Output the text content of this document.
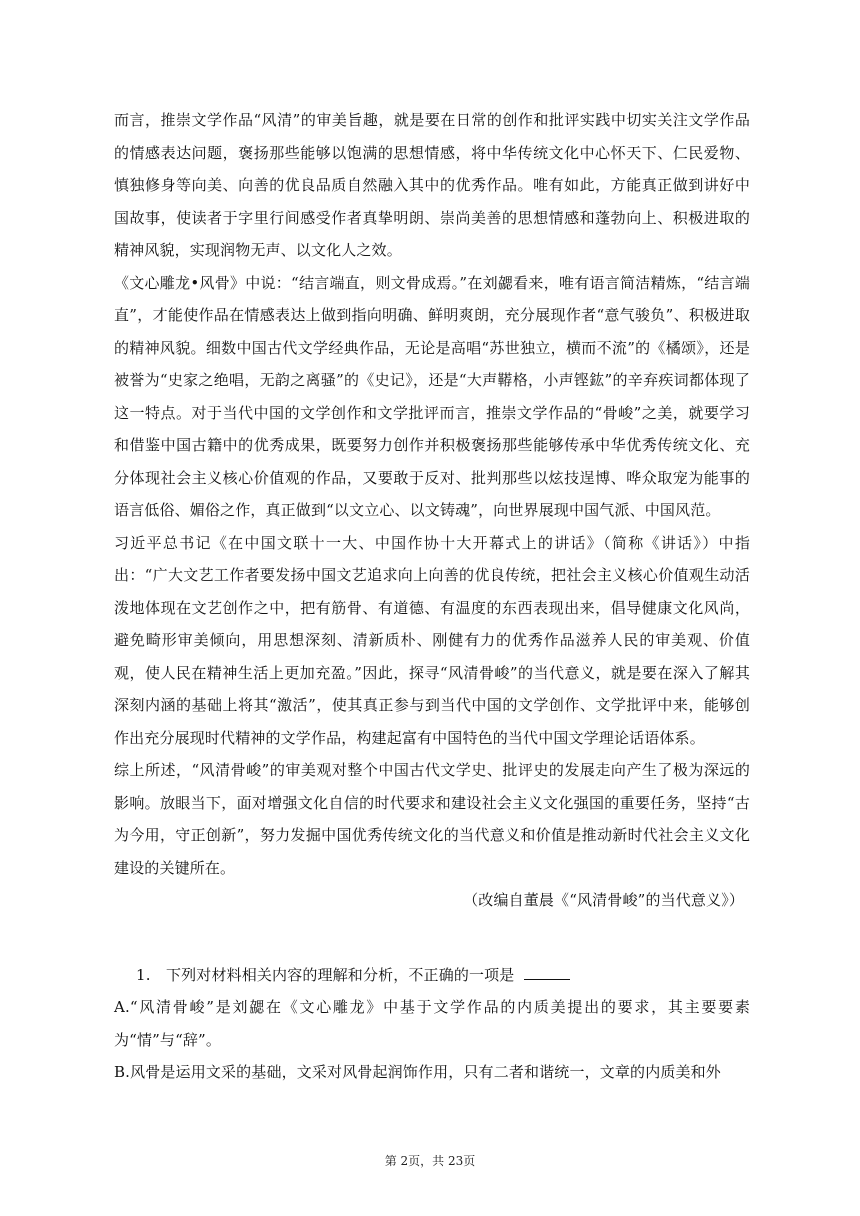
而言，推崇文学作品“风清”的审美旨趣，就是要在日常的创作和批评实践中切实关注文学作品的情感表达问题，褒扬那些能够以饱满的思想情感，将中华传统文化中心怀天下、仁民爱物、慎独修身等向美、向善的优良品质自然融入其中的优秀作品。唯有如此，方能真正做到讲好中国故事，使读者于字里行间感受作者真挚明朗、崇尚美善的思想情感和蓬勃向上、积极进取的精神风貌，实现润物无声、以文化人之效。

《文心雕龙•风骨》中说：“结言端直，则文骨成焉。”在刘勰看来，唯有语言简洁精炼，“结言端直”，才能使作品在情感表达上做到指向明确、鲜明爽朗，充分展现作者“意气骏负”、积极进取的精神风貌。细数中国古代文学经典作品，无论是高唱“苏世独立，横而不流”的《橘颂》，还是被誉为“史家之绝唱，无韵之离骚”的《史记》，还是“大声鞯格，小声铿鈜”的辛弃疾词都体现了这一特点。对于当代中国的文学创作和文学批评而言，推崇文学作品的“骨峻”之美，就要学习和借鉴中国古籍中的优秀成果，既要努力创作并积极褒扬那些能够传承中华优秀传统文化、充分体现社会主义核心价值观的作品，又要敢于反对、批判那些以炫技逞博、哗众取宠为能事的语言低俗、媚俗之作，真正做到“以文立心、以文铸魂”，向世界展现中国气派、中国风范。

习近平总书记《在中国文联十一大、中国作协十大开幕式上的讲话》（简称《讲话》）中指出：“广大文艺工作者要发扬中国文艺追求向上向善的优良传统，把社会主义核心价值观生动活泼地体现在文艺创作之中，把有筋骨、有道德、有温度的东西表现出来，倡导健康文化风尚，避免畸形审美倾向，用思想深刻、清新质朴、刚健有力的优秀作品滋养人民的审美观、价值观，使人民在精神生活上更加充盈。”因此，探寻“风清骨峻”的当代意义，就是要在深入了解其深刻内涵的基础上将其“激活”，使其真正参与到当代中国的文学创作、文学批评中来，能够创作出充分展现时代精神的文学作品，构建起富有中国特色的当代中国文学理论话语体系。

综上所述，“风清骨峻”的审美观对整个中国古代文学史、批评史的发展走向产生了极为深远的影响。放眼当下，面对增强文化自信的时代要求和建设社会主义文化强国的重要任务，坚持“古为今用，守正创新”，努力发掘中国优秀传统文化的当代意义和价值是推动新时代社会主义文化建设的关键所在。

（改编自董晨《“风清骨峻”的当代意义》）

1. 下列对材料相关内容的理解和分析，不正确的一项是

A.“风清骨峻”是刘勰在《文心雕龙》中基于文学作品的内质美提出的要求，其主要要素为“情”与“辞”。

B.风骨是运用文采的基础，文采对风骨起润饰作用，只有二者和谐统一，文章的内质美和外

第 2页，共 23页
